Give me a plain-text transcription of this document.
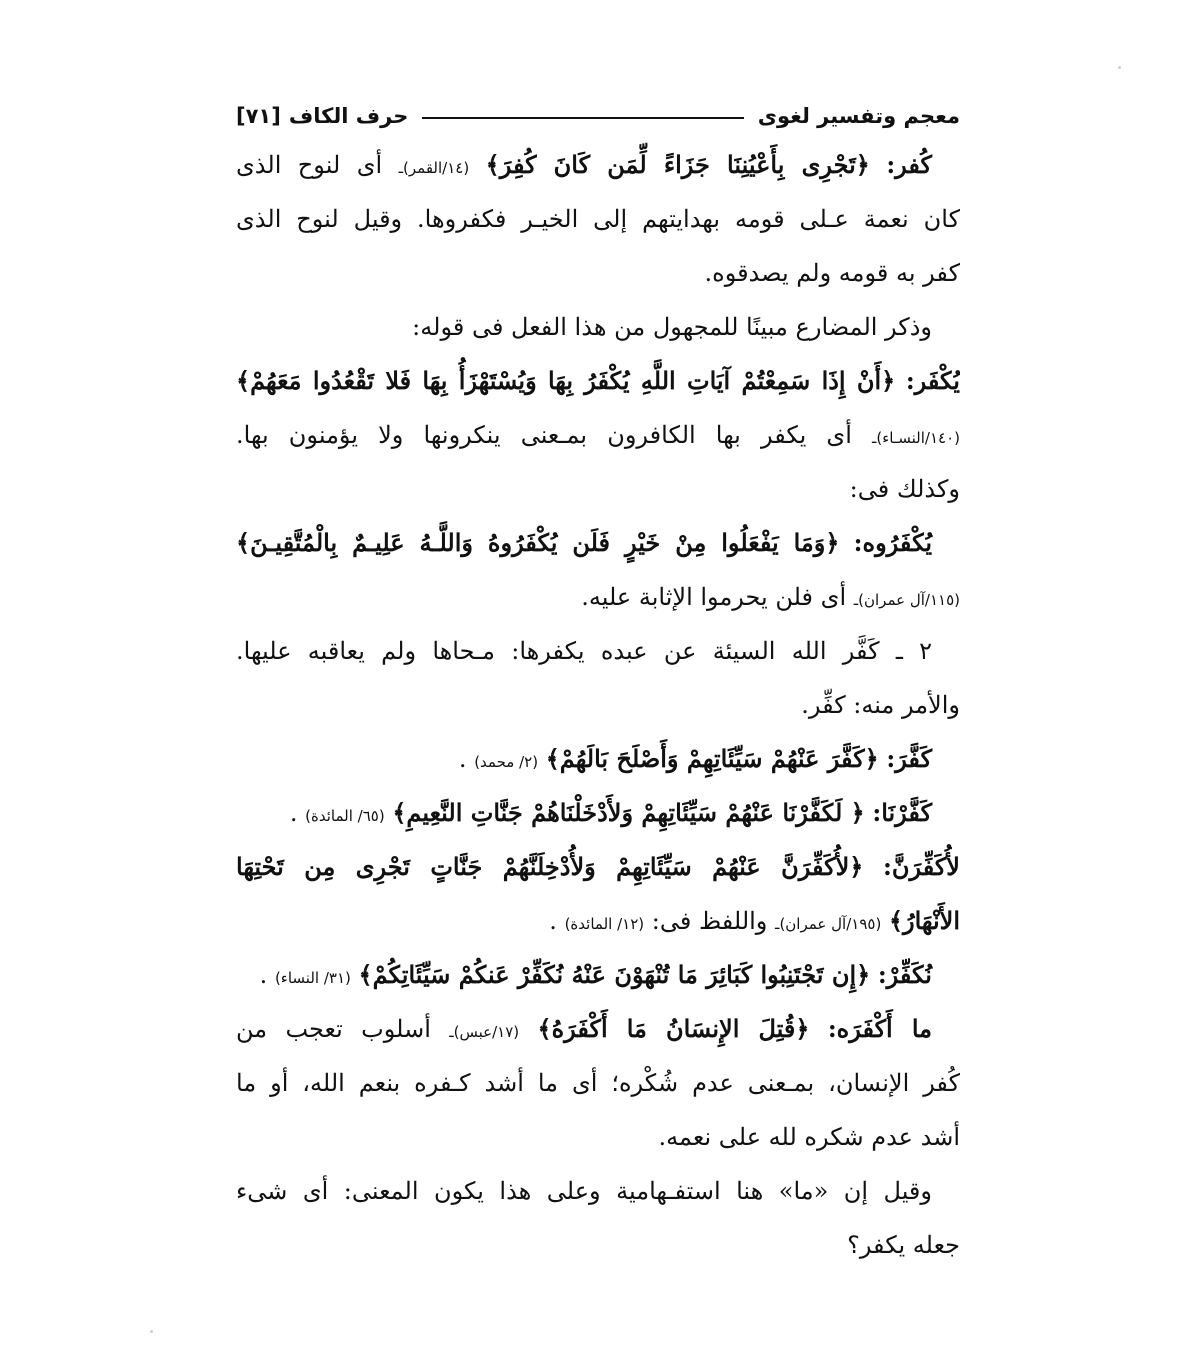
معجم وتفسير لغوى
حرف الكاف
[٧١]
كُفر: ﴿تَجْرِى بِأَعْيُنِنَا جَزَاءً لِّمَن كَانَ كُفِرَ﴾ (١٤/القمر)ـ أى لنوح الذى
كان نعمة عـلى قومه بهدايتهم إلى الخيـر فكفروها. وقيل لنوح الذى
كفر به قومه ولم يصدقوه.
وذكر المضارع مبينًا للمجهول من هذا الفعل فى قوله:
يُكْفَر: ﴿أَنْ إِذَا سَمِعْتُمْ آيَاتِ اللَّهِ يُكْفَرُ بِهَا وَيُسْتَهْزَأُ بِهَا فَلا تَقْعُدُوا مَعَهُمْ﴾
(١٤٠/النسـاء)ـ أى يكفر بها الكافرون بمـعنى ينكرونها ولا يؤمنون بها.
وكذلك فى:
يُكْفَرُوه: ﴿وَمَا يَفْعَلُوا مِنْ خَيْرٍ فَلَن يُكْفَرُوهُ وَاللَّـهُ عَلِيـمٌ بِالْمُتَّقِيـنَ﴾
(١١٥/آل عمران)ـ أى فلن يحرموا الإثابة عليه.
٢ ـ كَفَّر الله السيئة عن عبده يكفرها: مـحاها ولم يعاقبه عليها.
والأمر منه: كفِّر.
كَفَّرَ: ﴿كَفَّرَ عَنْهُمْ سَيِّئَاتِهِمْ وَأَصْلَحَ بَالَهُمْ﴾ (٢/ محمد) .
كَفَّرْنَا: ﴿ لَكَفَّرْنَا عَنْهُمْ سَيِّئَاتِهِمْ وَلأَدْخَلْنَاهُمْ جَنَّاتِ النَّعِيمِ﴾ (٦٥/ المائدة) .
لأُكَفِّرَنَّ: ﴿لأُكَفِّرَنَّ عَنْهُمْ سَيِّئَاتِهِمْ وَلأُدْخِلَنَّهُمْ جَنَّاتٍ تَجْرِى مِن تَحْتِهَا
الأَنْهَارُ﴾ (١٩٥/آل عمران)ـ واللفظ فى: (١٢/ المائدة) .
نُكَفِّرْ: ﴿إِن تَجْتَنِبُوا كَبَائِرَ مَا تُنْهَوْنَ عَنْهُ نُكَفِّرْ عَنكُمْ سَيِّئَاتِكُمْ﴾ (٣١/ النساء) .
ما أَكْفَرَه: ﴿قُتِلَ الإِنسَانُ مَا أَكْفَرَهُ﴾ (١٧/عبس)ـ أسلوب تعجب من
كُفر الإنسان، بمـعنى عدم شُكْره؛ أى ما أشد كـفره بنعم الله، أو ما
أشد عدم شكره لله على نعمه.
وقيل إن «ما» هنا استفـهامية وعلى هذا يكون المعنى: أى شىء
جعله يكفر؟
